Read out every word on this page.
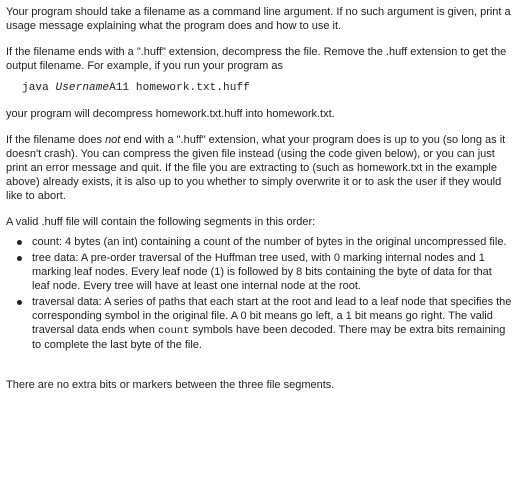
Your program should take a filename as a command line argument. If no such argument is given, print a usage message explaining what the program does and how to use it.

If the filename ends with a ".huff" extension, decompress the file. Remove the .huff extension to get the output filename. For example, if you run your program as

java UsernameA11 homework.txt.huff

your program will decompress homework.txt.huff into homework.txt.

If the filename does not end with a ".huff" extension, what your program does is up to you (so long as it doesn't crash). You can compress the given file instead (using the code given below), or you can just print an error message and quit. If the file you are extracting to (such as homework.txt in the example above) already exists, it is also up to you whether to simply overwrite it or to ask the user if they would like to abort.

A valid .huff file will contain the following segments in this order:

count: 4 bytes (an int) containing a count of the number of bytes in the original uncompressed file.
tree data: A pre-order traversal of the Huffman tree used, with 0 marking internal nodes and 1 marking leaf nodes. Every leaf node (1) is followed by 8 bits containing the byte of data for that leaf node. Every tree will have at least one internal node at the root.
traversal data: A series of paths that each start at the root and lead to a leaf node that specifies the corresponding symbol in the original file. A 0 bit means go left, a 1 bit means go right. The valid traversal data ends when count symbols have been decoded. There may be extra bits remaining to complete the last byte of the file.

There are no extra bits or markers between the three file segments.
